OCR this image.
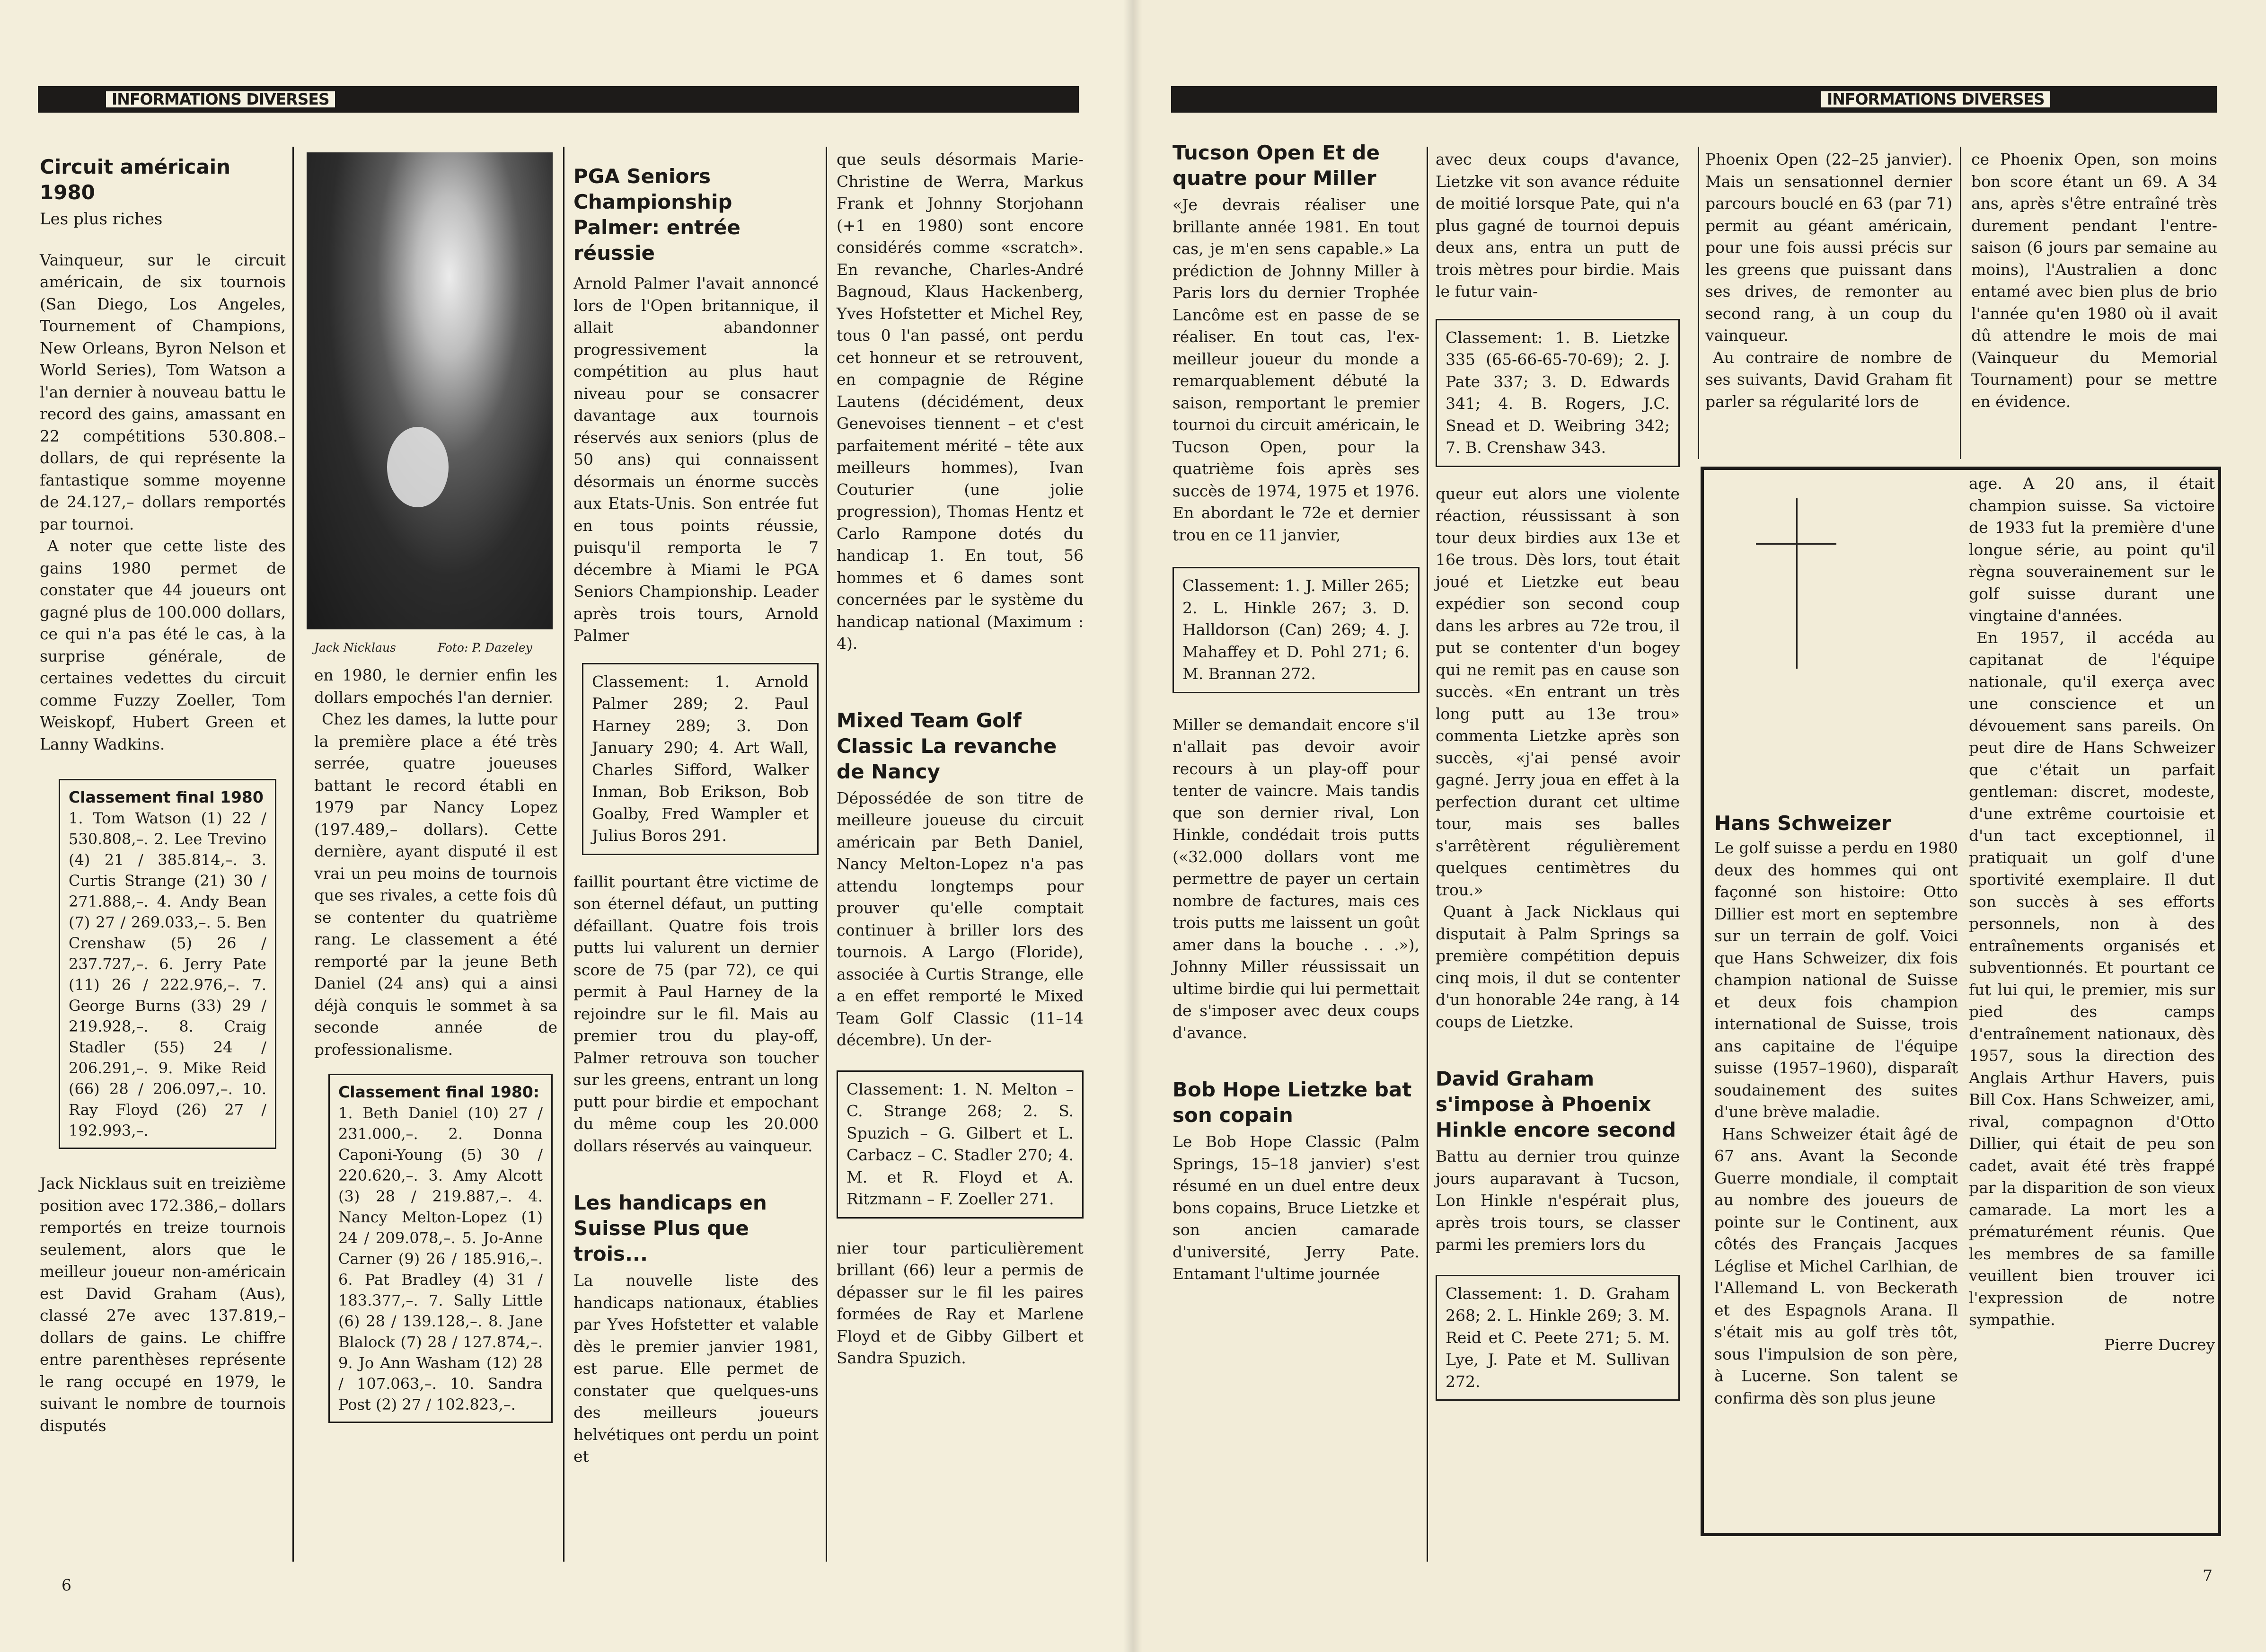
INFORMATIONS DIVERSES	INFORMATIONS DIVERSES
Circuit américain 1980

Les plus riches

Vainqueur, sur le circuit américain, de six tournois (San Diego, Los Angeles, Tournement of Champions, New Orleans, Byron Nelson et World Series), Tom Watson a l'an dernier à nouveau battu le record des gains, amassant en 22 compétitions 530.808.– dollars, de qui représente la fantastique somme moyenne de 24.127,– dollars remportés par tournoi.

A noter que cette liste des gains 1980 permet de constater que 44 joueurs ont gagné plus de 100.000 dollars, ce qui n'a pas été le cas, à la surprise générale, de certaines vedettes du circuit comme Fuzzy Zoeller, Tom Weiskopf, Hubert Green et Lanny Wadkins.

Classement final 1980
1. Tom Watson (1) 22 / 530.808,–. 2. Lee Trevino (4) 21 / 385.814,–. 3. Curtis Strange (21) 30 / 271.888,–. 4. Andy Bean (7) 27 / 269.033,–. 5. Ben Crenshaw (5) 26 / 237.727,–. 6. Jerry Pate (11) 26 / 222.976,–. 7. George Burns (33) 29 / 219.928,–. 8. Craig Stadler (55) 24 / 206.291,–. 9. Mike Reid (66) 28 / 206.097,–. 10. Ray Floyd (26) 27 / 192.993,–.

Jack Nicklaus suit en treizième position avec 172.386,– dollars remportés en treize tournois seulement, alors que le meilleur joueur non-américain est David Graham (Aus), classé 27e avec 137.819,– dollars de gains. Le chiffre entre parenthèses représente le rang occupé en 1979, le suivant le nombre de tournois disputés

Jack Nicklaus	Foto: P. Dazeley

en 1980, le dernier enfin les dollars empochés l'an dernier.

Chez les dames, la lutte pour la première place a été très serrée, quatre joueuses battant le record établi en 1979 par Nancy Lopez (197.489,– dollars). Cette dernière, ayant disputé il est vrai un peu moins de tournois que ses rivales, a cette fois dû se contenter du quatrième rang. Le classement a été remporté par la jeune Beth Daniel (24 ans) qui a ainsi déjà conquis le sommet à sa seconde année de professionalisme.

Classement final 1980:
1. Beth Daniel (10) 27 / 231.000,–. 2. Donna Caponi-Young (5) 30 / 220.620,–. 3. Amy Alcott (3) 28 / 219.887,–. 4. Nancy Melton-Lopez (1) 24 / 209.078,–. 5. Jo-Anne Carner (9) 26 / 185.916,–. 6. Pat Bradley (4) 31 / 183.377,–. 7. Sally Little (6) 28 / 139.128,–. 8. Jane Blalock (7) 28 / 127.874,–. 9. Jo Ann Washam (12) 28 / 107.063,–. 10. Sandra Post (2) 27 / 102.823,–.
PGA Seniors Championship Palmer: entrée réussie

Arnold Palmer l'avait annoncé lors de l'Open britannique, il allait abandonner progressivement la compétition au plus haut niveau pour se consacrer davantage aux tournois réservés aux seniors (plus de 50 ans) qui connaissent désormais un énorme succès aux Etats-Unis. Son entrée fut en tous points réussie, puisqu'il remporta le 7 décembre à Miami le PGA Seniors Championship. Leader après trois tours, Arnold Palmer

Classement: 1. Arnold Palmer 289; 2. Paul Harney 289; 3. Don January 290; 4. Art Wall, Charles Sifford, Walker Inman, Bob Erikson, Bob Goalby, Fred Wampler et Julius Boros 291.

faillit pourtant être victime de son éternel défaut, un putting défaillant. Quatre fois trois putts lui valurent un dernier score de 75 (par 72), ce qui permit à Paul Harney de la rejoindre sur le fil. Mais au premier trou du play-off, Palmer retrouva son toucher sur les greens, entrant un long putt pour birdie et empochant du même coup les 20.000 dollars réservés au vainqueur.

Les handicaps en Suisse Plus que trois...

La nouvelle liste des handicaps nationaux, établies par Yves Hofstetter et valable dès le premier janvier 1981, est parue. Elle permet de constater que quelques-uns des meilleurs joueurs helvétiques ont perdu un point et

que seuls désormais Marie-Christine de Werra, Markus Frank et Johnny Storjohann (+1 en 1980) sont encore considérés comme «scratch». En revanche, Charles-André Bagnoud, Klaus Hackenberg, Yves Hofstetter et Michel Rey, tous 0 l'an passé, ont perdu cet honneur et se retrouvent, en compagnie de Régine Lautens (décidément, deux Genevoises tiennent – et c'est parfaitement mérité – tête aux meilleurs hommes), Ivan Couturier (une jolie progression), Thomas Hentz et Carlo Rampone dotés du handicap 1. En tout, 56 hommes et 6 dames sont concernées par le système du handicap national (Maximum : 4).

Mixed Team Golf Classic La revanche de Nancy

Dépossédée de son titre de meilleure joueuse du circuit américain par Beth Daniel, Nancy Melton-Lopez n'a pas attendu longtemps pour prouver qu'elle comptait continuer à briller lors des tournois. A Largo (Floride), associée à Curtis Strange, elle a en effet remporté le Mixed Team Golf Classic (11–14 décembre). Un der-

Classement: 1. N. Melton – C. Strange 268; 2. S. Spuzich – G. Gilbert et L. Carbacz – C. Stadler 270; 4. M. et R. Floyd et A. Ritzmann – F. Zoeller 271.

nier tour particulièrement brillant (66) leur a permis de dépasser sur le fil les paires formées de Ray et Marlene Floyd et de Gibby Gilbert et Sandra Spuzich.

6
Tucson Open Et de quatre pour Miller

«Je devrais réaliser une brillante année 1981. En tout cas, je m'en sens capable.» La prédiction de Johnny Miller à Paris lors du dernier Trophée Lancôme est en passe de se réaliser. En tout cas, l'ex-meilleur joueur du monde a remarquablement débuté la saison, remportant le premier tournoi du circuit américain, le Tucson Open, pour la quatrième fois après ses succès de 1974, 1975 et 1976. En abordant le 72e et dernier trou en ce 11 janvier,

Classement: 1. J. Miller 265; 2. L. Hinkle 267; 3. D. Halldorson (Can) 269; 4. J. Mahaffey et D. Pohl 271; 6. M. Brannan 272.

Miller se demandait encore s'il n'allait pas devoir avoir recours à un play-off pour tenter de vaincre. Mais tandis que son dernier rival, Lon Hinkle, condédait trois putts («32.000 dollars vont me permettre de payer un certain nombre de factures, mais ces trois putts me laissent un goût amer dans la bouche . . .»), Johnny Miller réussissait un ultime birdie qui lui permettait de s'imposer avec deux coups d'avance.

Bob Hope Lietzke bat son copain

Le Bob Hope Classic (Palm Springs, 15–18 janvier) s'est résumé en un duel entre deux bons copains, Bruce Lietzke et son ancien camarade d'université, Jerry Pate. Entamant l'ultime journée

avec deux coups d'avance, Lietzke vit son avance réduite de moitié lorsque Pate, qui n'a plus gagné de tournoi depuis deux ans, entra un putt de trois mètres pour birdie. Mais le futur vain-

Classement: 1. B. Lietzke 335 (65-66-65-70-69); 2. J. Pate 337; 3. D. Edwards 341; 4. B. Rogers, J.C. Snead et D. Weibring 342; 7. B. Crenshaw 343.

queur eut alors une violente réaction, réussissant à son tour deux birdies aux 13e et 16e trous. Dès lors, tout était joué et Lietzke eut beau expédier son second coup dans les arbres au 72e trou, il put se contenter d'un bogey qui ne remit pas en cause son succès. «En entrant un très long putt au 13e trou» commenta Lietzke après son succès, «j'ai pensé avoir gagné. Jerry joua en effet à la perfection durant cet ultime tour, mais ses balles s'arrêtèrent régulièrement quelques centimètres du trou.»

Quant à Jack Nicklaus qui disputait à Palm Springs sa première compétition depuis cinq mois, il dut se contenter d'un honorable 24e rang, à 14 coups de Lietzke.

David Graham s'impose à Phoenix Hinkle encore second

Battu au dernier trou quinze jours auparavant à Tucson, Lon Hinkle n'espérait plus, après trois tours, se classer parmi les premiers lors du

Classement: 1. D. Graham 268; 2. L. Hinkle 269; 3. M. Reid et C. Peete 271; 5. M. Lye, J. Pate et M. Sullivan 272.

Phoenix Open (22–25 janvier). Mais un sensationnel dernier parcours bouclé en 63 (par 71) permit au géant américain, pour une fois aussi précis sur les greens que puissant dans ses drives, de remonter au second rang, à un coup du vainqueur.

Au contraire de nombre de ses suivants, David Graham fit parler sa régularité lors de

ce Phoenix Open, son moins bon score étant un 69. A 34 ans, après s'être entraîné très durement pendant l'entre-saison (6 jours par semaine au moins), l'Australien a donc entamé avec bien plus de brio l'année qu'en 1980 où il avait dû attendre le mois de mai (Vainqueur du Memorial Tournament) pour se mettre en évidence.

Hans Schweizer

Le golf suisse a perdu en 1980 deux des hommes qui ont façonné son histoire: Otto Dillier est mort en septembre sur un terrain de golf. Voici que Hans Schweizer, dix fois champion national de Suisse et deux fois champion international de Suisse, trois ans capitaine de l'équipe suisse (1957–1960), disparaît soudainement des suites d'une brève maladie.

Hans Schweizer était âgé de 67 ans. Avant la Seconde Guerre mondiale, il comptait au nombre des joueurs de pointe sur le Continent, aux côtés des Français Jacques Léglise et Michel Carlhian, de l'Allemand L. von Beckerath et des Espagnols Arana. Il s'était mis au golf très tôt, sous l'impulsion de son père, à Lucerne. Son talent se confirma dès son plus jeune

age. A 20 ans, il était champion suisse. Sa victoire de 1933 fut la première d'une longue série, au point qu'il règna souverainement sur le golf suisse durant une vingtaine d'années.

En 1957, il accéda au capitanat de l'équipe nationale, qu'il exerça avec une conscience et un dévouement sans pareils. On peut dire de Hans Schweizer que c'était un parfait gentleman: discret, modeste, d'une extrême courtoisie et d'un tact exceptionnel, il pratiquait un golf d'une sportivité exemplaire. Il dut son succès à ses efforts personnels, non à des entraînements organisés et subventionnés. Et pourtant ce fut lui qui, le premier, mis sur pied des camps d'entraînement nationaux, dès 1957, sous la direction des Anglais Arthur Havers, puis Bill Cox. Hans Schweizer, ami, rival, compagnon d'Otto Dillier, qui était de peu son cadet, avait été très frappé par la disparition de son vieux camarade. La mort les a prématurément réunis. Que les membres de sa famille veuillent bien trouver ici l'expression de notre sympathie.

Pierre Ducrey

7
